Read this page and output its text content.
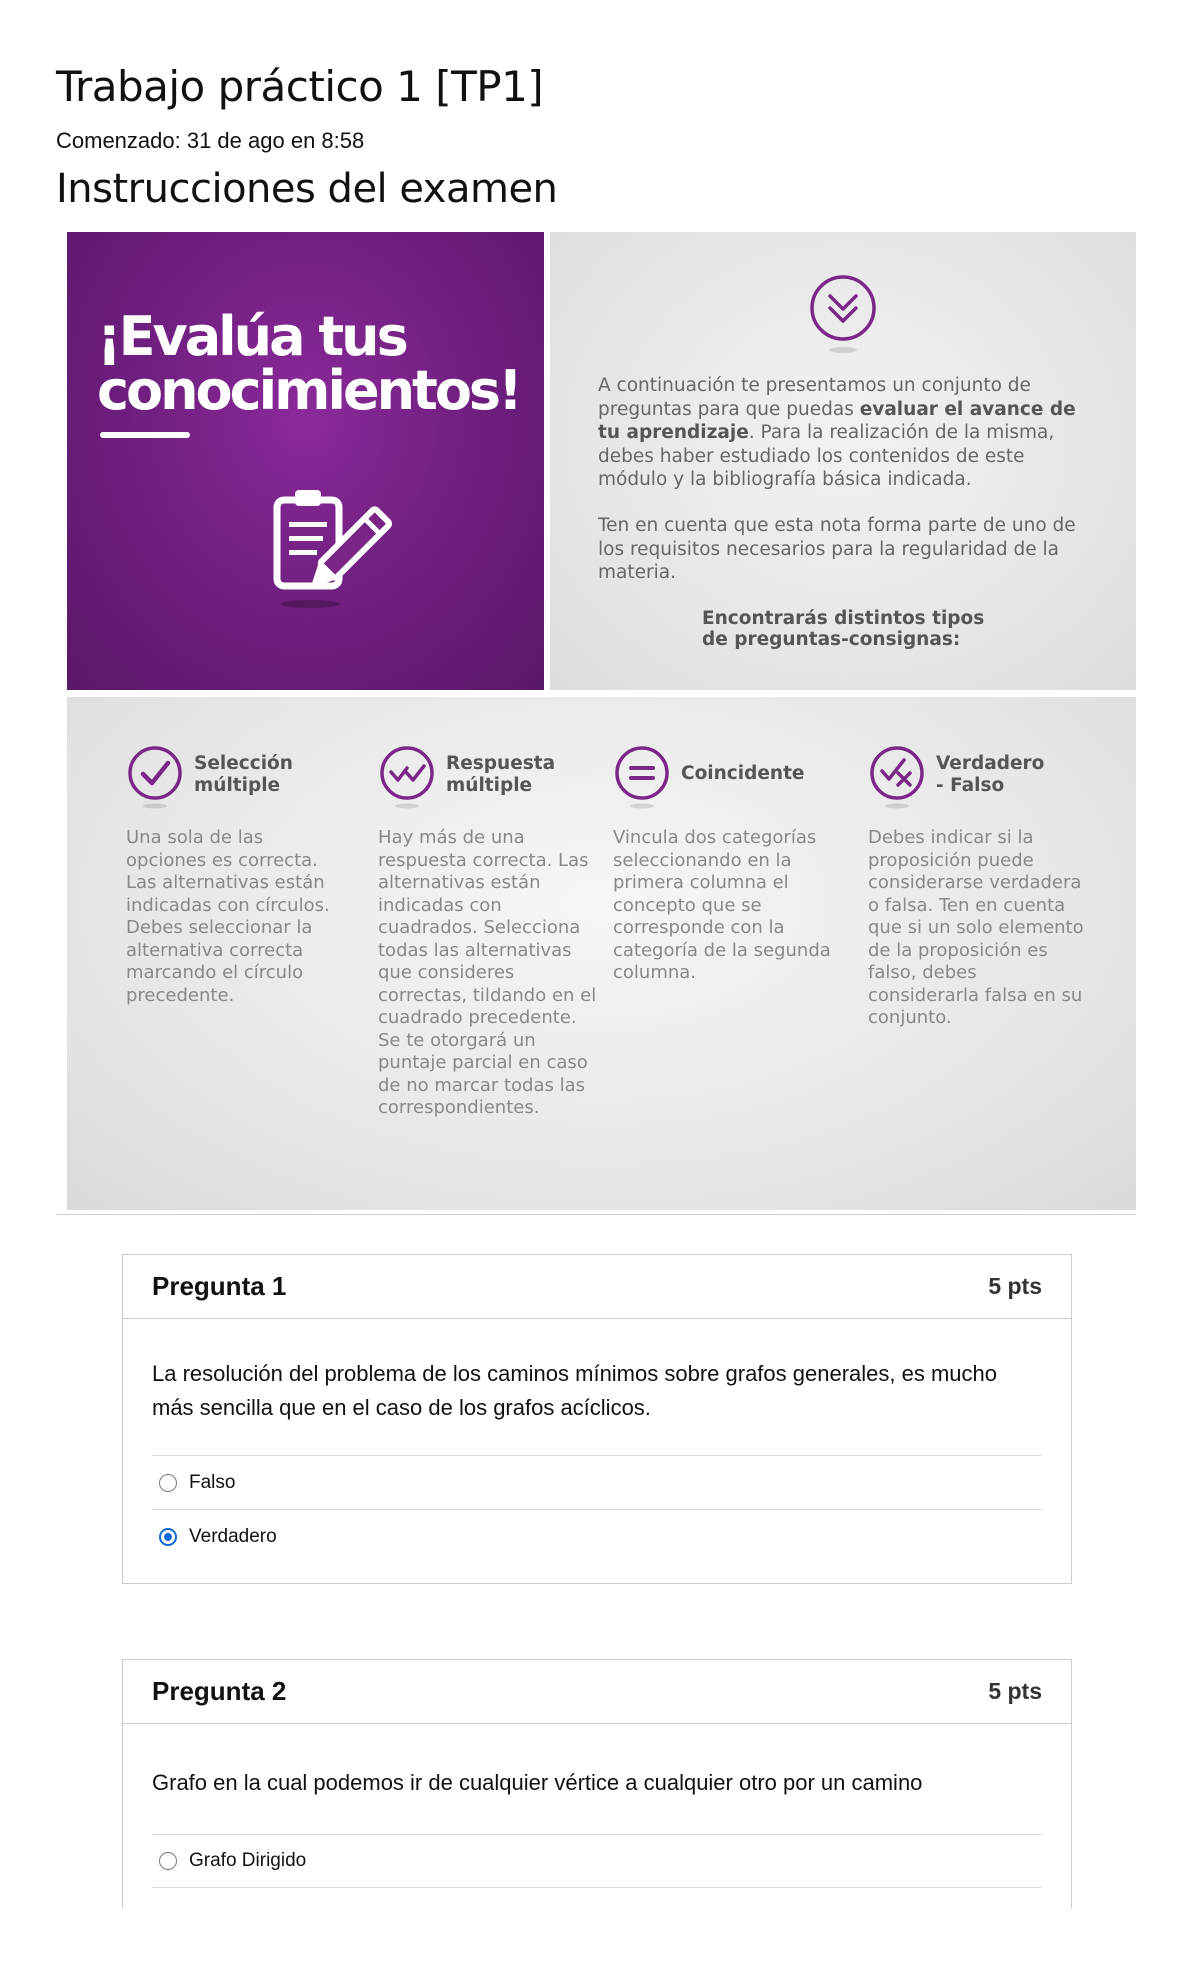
Trabajo práctico 1 [TP1]
Comenzado: 31 de ago en 8:58
Instrucciones del examen
¡Evalúa tus
conocimientos!	A continuación te presentamos un conjunto de preguntas para que puedas evaluar el avance de tu aprendizaje. Para la realización de la misma, debes haber estudiado los contenidos de este módulo y la bibliografía básica indicada.

Ten en cuenta que esta nota forma parte de uno de los requisitos necesarios para la regularidad de la materia.

Encontrarás distintos tipos
de preguntas-consignas:
Selección
múltiple

Una sola de las opciones es correcta. Las alternativas están indicadas con círculos. Debes seleccionar la alternativa correcta marcando el círculo precedente.

Respuesta
múltiple

Hay más de una respuesta correcta. Las alternativas están indicadas con cuadrados. Selecciona todas las alternativas que consideres correctas, tildando en el cuadrado precedente. Se te otorgará un puntaje parcial en caso de no marcar todas las correspondientes.

Coincidente

Vincula dos categorías seleccionando en la primera columna el concepto que se corresponde con la categoría de la segunda columna.

Verdadero
- Falso

Debes indicar si la proposición puede considerarse verdadera o falsa. Ten en cuenta que si un solo elemento de la proposición es falso, debes considerarla falsa en su conjunto.

Pregunta 1	5 pts

La resolución del problema de los caminos mínimos sobre grafos generales, es mucho más sencilla que en el caso de los grafos acíclicos.

Falso
Verdadero
Pregunta 2	5 pts

Grafo en la cual podemos ir de cualquier vértice a cualquier otro por un camino

Grafo Dirigido
